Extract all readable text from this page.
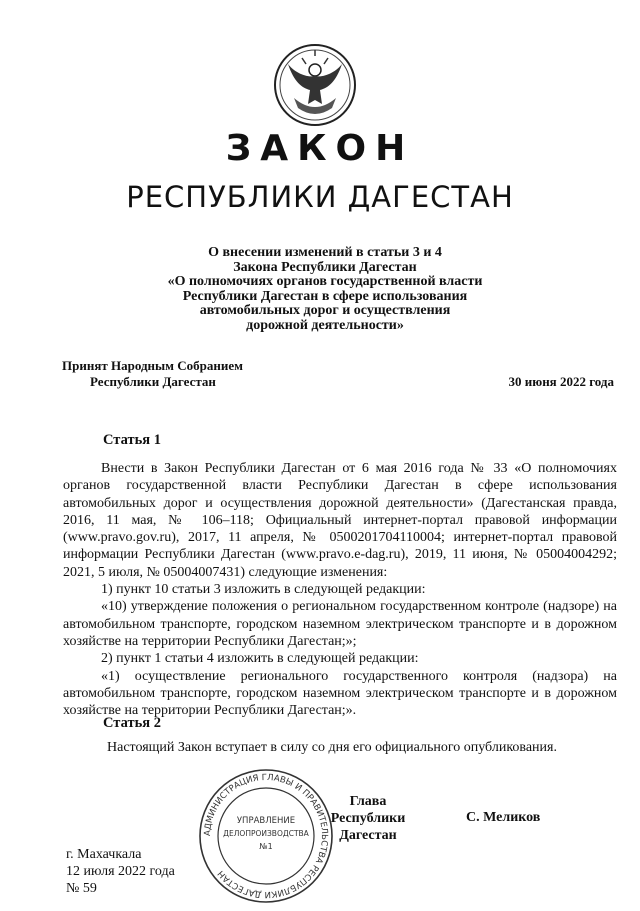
ЗАКОН
РЕСПУБЛИКИ ДАГЕСТАН
О внесении изменений в статьи 3 и 4
Закона Республики Дагестан
«О полномочиях органов государственной власти
Республики Дагестан в сфере использования
автомобильных дорог и осуществления
дорожной деятельности»
Принят Народным Собранием
Республики Дагестан	30 июня 2022 года
Статья 1
Внести в Закон Республики Дагестан от 6 мая 2016 года № 33 «О полномочиях органов государственной власти Республики Дагестан в сфере использования автомобильных дорог и осуществления дорожной деятельности» (Дагестанская правда, 2016, 11 мая, № 106–118; Официальный интернет-портал правовой информации (www.pravo.gov.ru), 2017, 11 апреля, № 0500201704110004; интернет-портал правовой информации Республики Дагестан (www.pravo.e-dag.ru), 2019, 11 июня, № 05004004292; 2021, 5 июля, № 05004007431) следующие изменения:
1) пункт 10 статьи 3 изложить в следующей редакции:
«10) утверждение положения о региональном государственном контроле (надзоре) на автомобильном транспорте, городском наземном электрическом транспорте и в дорожном хозяйстве на территории Республики Дагестан;»;
2) пункт 1 статьи 4 изложить в следующей редакции:
«1) осуществление регионального государственного контроля (надзора) на автомобильном транспорте, городском наземном электрическом транспорте и в дорожном хозяйстве на территории Республики Дагестан;».
Статья 2
Настоящий Закон вступает в силу со дня его официального опубликования.
АДМИНИСТРАЦИЯ ГЛАВЫ И ПРАВИТЕЛЬСТВА РЕСПУБЛИКИ ДАГЕСТАН
УПРАВЛЕНИЕ
ДЕЛОПРОИЗВОДСТВА
№1
Глава
Республики Дагестан
С. Меликов
г. Махачкала
12 июля 2022 года
№ 59
